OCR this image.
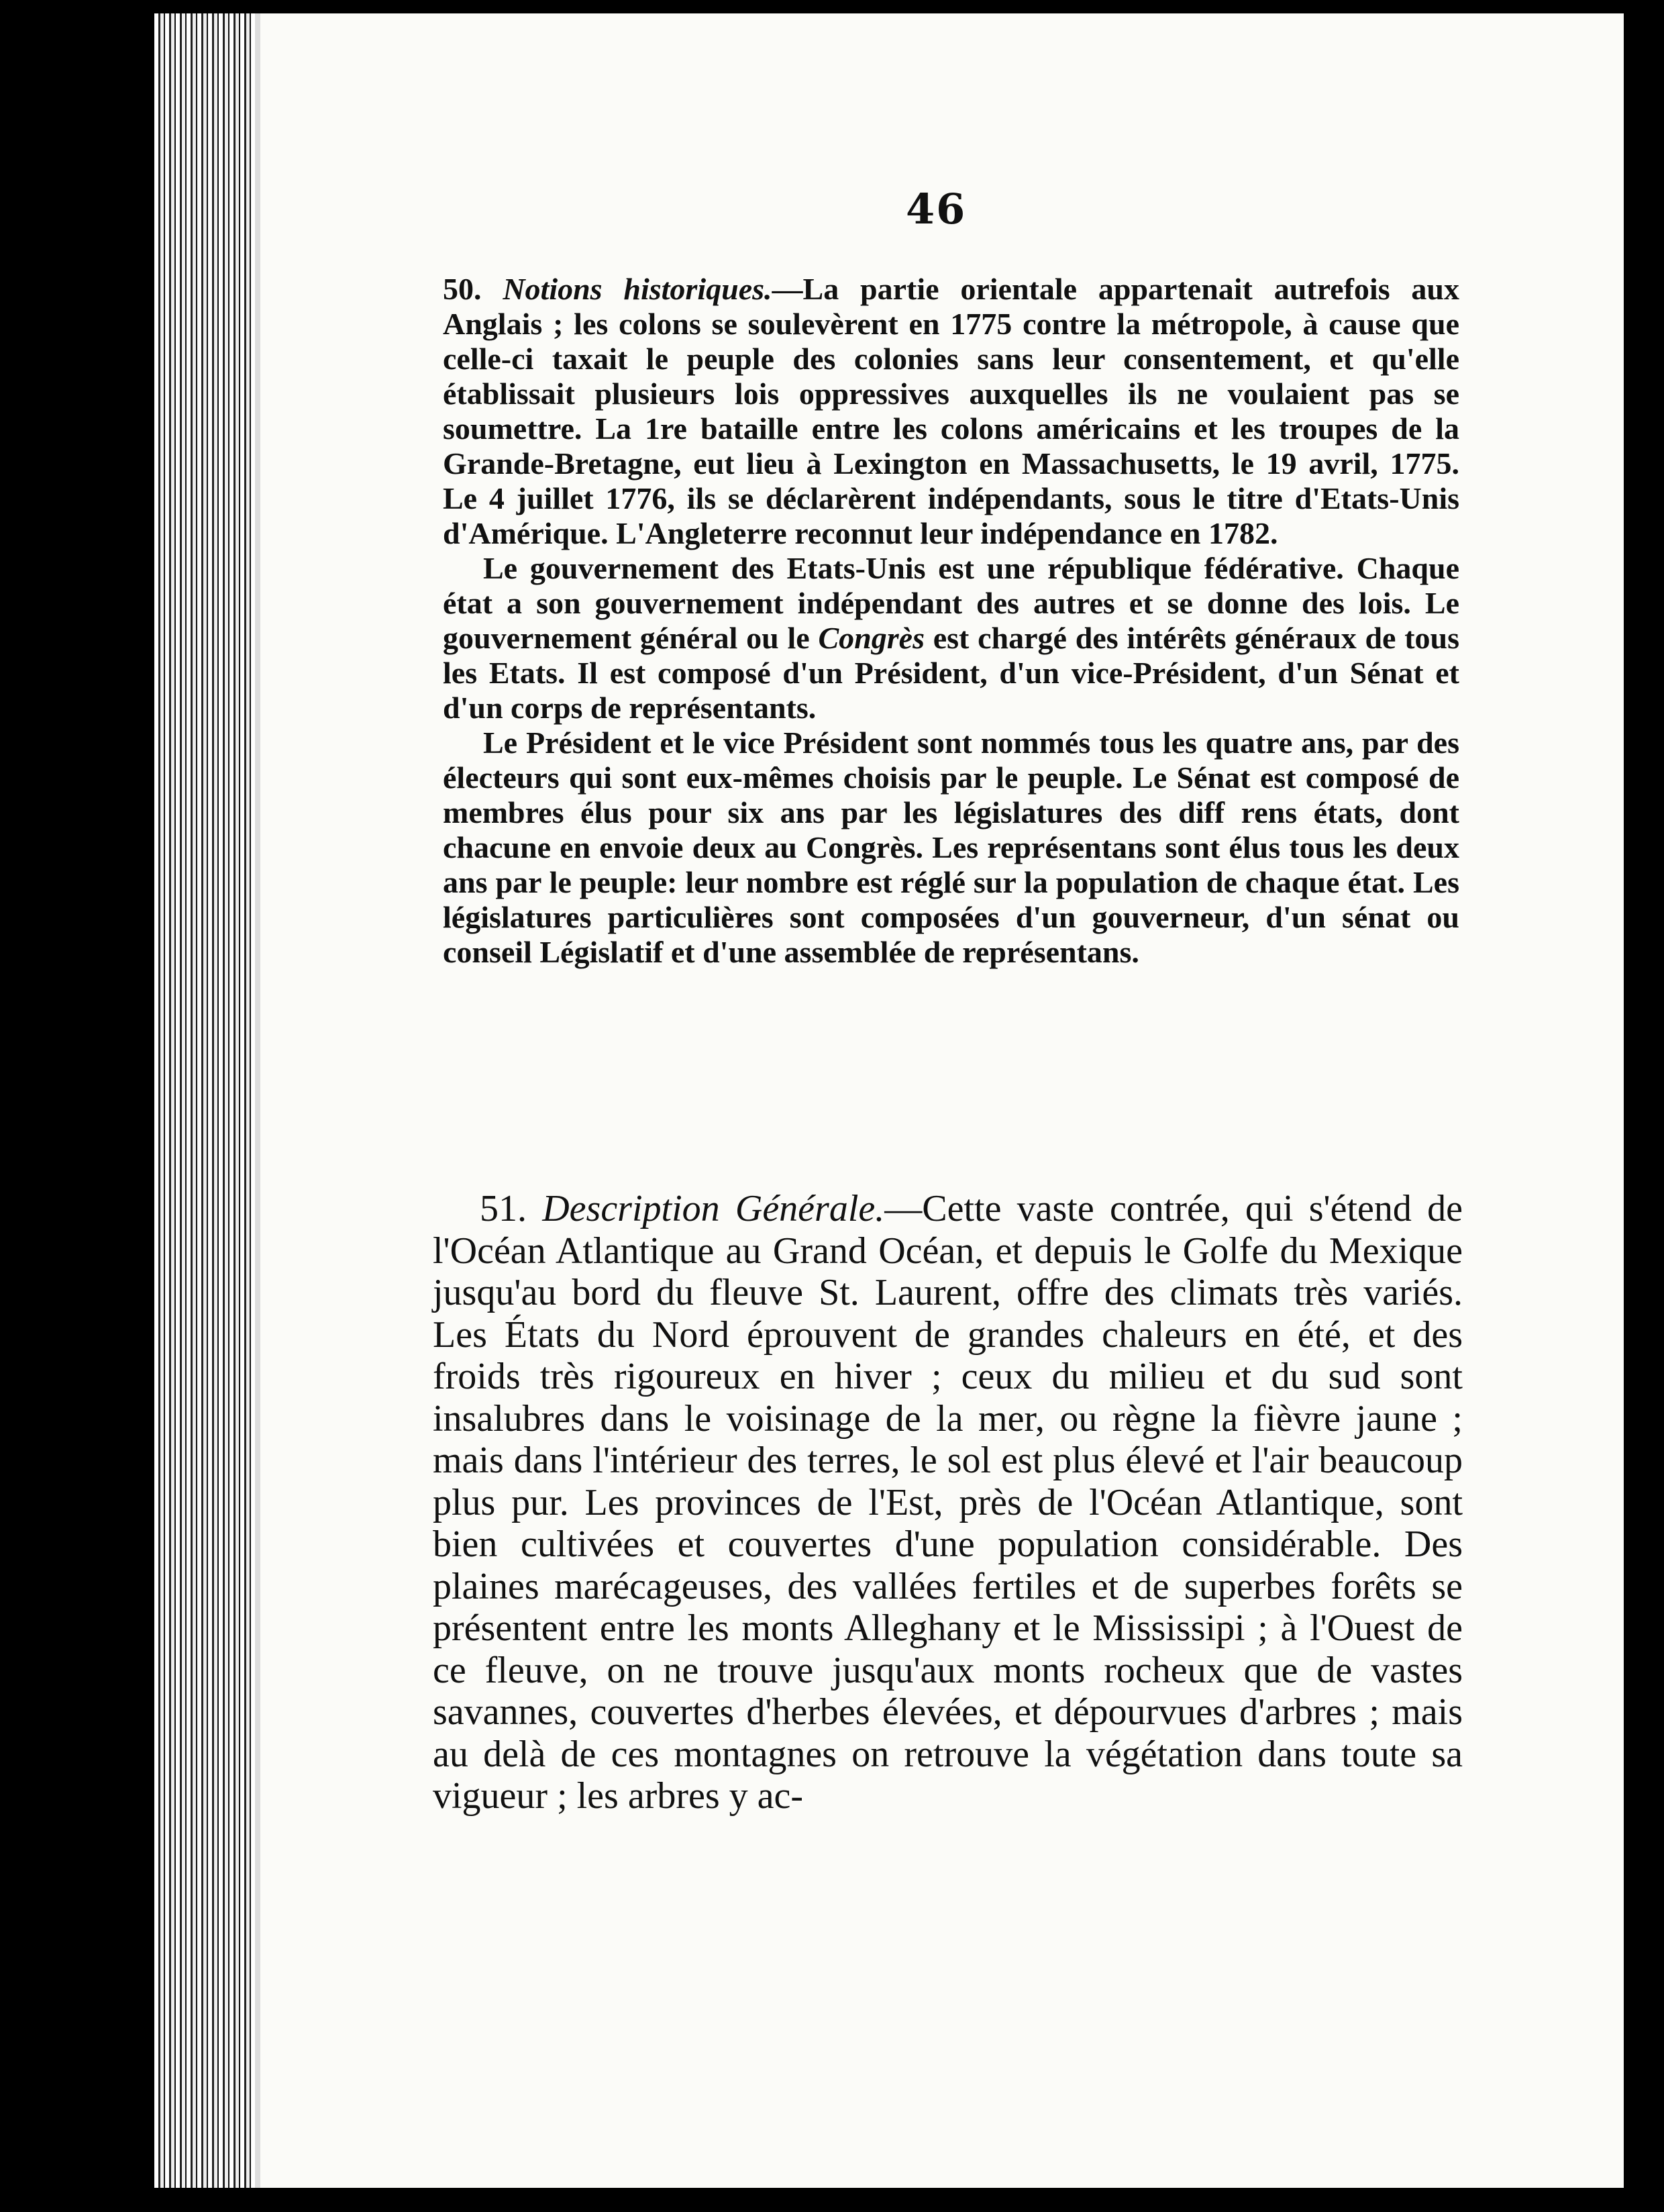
46

50. Notions historiques.—La partie orientale appartenait autrefois aux Anglais ; les colons se soulevèrent en 1775 contre la métropole, à cause que celle-ci taxait le peuple des colonies sans leur consentement, et qu'elle établissait plusieurs lois oppressives auxquelles ils ne voulaient pas se soumettre. La 1re bataille entre les colons américains et les troupes de la Grande-Bretagne, eut lieu à Lexington en Massachusetts, le 19 avril, 1775. Le 4 juillet 1776, ils se déclarèrent indépendants, sous le titre d'Etats-Unis d'Amérique. L'Angleterre reconnut leur indépendance en 1782.

Le gouvernement des Etats-Unis est une république fédérative. Chaque état a son gouvernement indépendant des autres et se donne des lois. Le gouvernement général ou le Congrès est chargé des intérêts généraux de tous les Etats. Il est composé d'un Président, d'un vice-Président, d'un Sénat et d'un corps de représentants.

Le Président et le vice Président sont nommés tous les quatre ans, par des électeurs qui sont eux-mêmes choisis par le peuple. Le Sénat est composé de membres élus pour six ans par les législatures des diff rens états, dont chacune en envoie deux au Congrès. Les représentans sont élus tous les deux ans par le peuple: leur nombre est réglé sur la population de chaque état. Les législatures particulières sont composées d'un gouverneur, d'un sénat ou conseil Législatif et d'une assemblée de représentans.

51. Description Générale.—Cette vaste contrée, qui s'étend de l'Océan Atlantique au Grand Océan, et depuis le Golfe du Mexique jusqu'au bord du fleuve St. Laurent, offre des climats très variés. Les États du Nord éprouvent de grandes chaleurs en été, et des froids très rigoureux en hiver ; ceux du milieu et du sud sont insalubres dans le voisinage de la mer, ou règne la fièvre jaune ; mais dans l'intérieur des terres, le sol est plus élevé et l'air beaucoup plus pur. Les provinces de l'Est, près de l'Océan Atlantique, sont bien cultivées et couvertes d'une population considérable. Des plaines marécageuses, des vallées fertiles et de superbes forêts se présentent entre les monts Alleghany et le Mississipi ; à l'Ouest de ce fleuve, on ne trouve jusqu'aux monts rocheux que de vastes savannes, couvertes d'herbes élevées, et dépourvues d'arbres ; mais au delà de ces montagnes on retrouve la végétation dans toute sa vigueur ; les arbres y ac-
